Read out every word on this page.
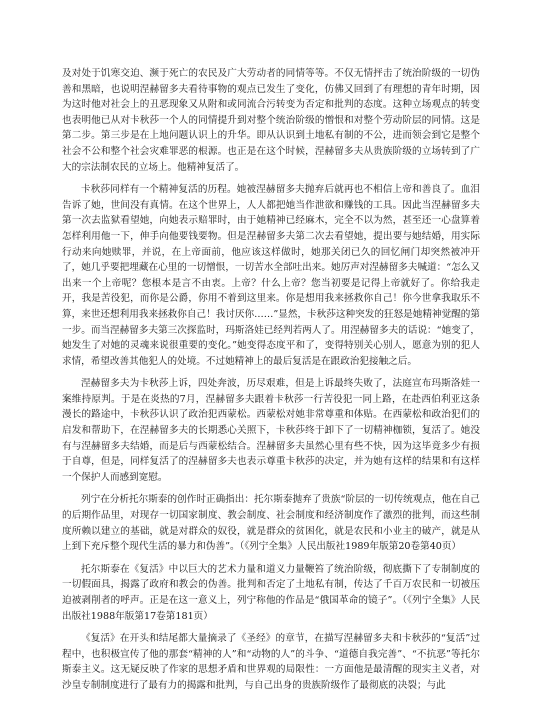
及对处于饥寒交迫、濒于死亡的农民及广大劳动者的同情等等。不仅无情抨击了统治阶级的一切伪善和黑暗，也说明涅赫留多夫看待事物的观点已发生了变化，仿佛又回到了有理想的青年时期，因为这时他对社会上的丑恶现象又从附和或同流合污转变为否定和批判的态度。这种立场观点的转变也表明他已从对卡秋莎一个人的同情提升到对整个统治阶级的憎恨和对整个劳动阶层的同情。这是第二步。第三步是在上地问题认识上的升华。即从认识到土地私有制的不公，进而领会到它是整个社会不公和整个社会灾难罪恶的根源。也正是在这个时候，涅赫留多夫从贵族阶级的立场转到了广大的宗法制农民的立场上。他精神复活了。

卡秋莎同样有一个精神复活的历程。她被涅赫留多夫抛弃后就再也不相信上帝和善良了。血泪告诉了她，世间没有真情。在这个世界上，人人都把她当作泄欲和赚钱的工具。因此当涅赫留多夫第一次去监狱看望她，向她表示赔罪时，由于她精神已经麻木，完全不以为然，甚至还一心盘算着怎样利用他一下，伸手向他要钱要物。但是涅赫留多夫第二次去看望她，提出要与她结婚，用实际行动来向她赎罪，并说，在上帝面前，他应该这样做时，她那关闭已久的回忆闸门却突然被冲开了，她几乎要把埋藏在心里的一切憎恨，一切苦水全部吐出来。她厉声对涅赫留多夫喊道：“怎么又出来一个上帝呢？您根本是言不由衷。上帝？什么上帝？您当初要是记得上帝就好了。你给我走开，我是苦役犯，而你是公爵，你用不着到这里来。你是想用我来拯救你自己！你今世拿我取乐不算，来世还想利用我来拯救你自己！我讨厌你……”显然，卡秋莎这种突发的狂怒是她精神觉醒的第一步。而当涅赫留多夫第三次探监时，玛斯洛娃已经判若两人了。用涅赫留多夫的话说：“她变了，她发生了对她的灵魂来说很重要的变化。”她变得态度平和了，变得特别关心别人，愿意为别的犯人求情，希望改善其他犯人的处境。不过她精神上的最后复活是在跟政治犯接触之后。

涅赫留多夫为卡秋莎上诉，四处奔波，历尽艰难，但是上诉最终失败了，法庭宣布玛斯洛娃一案维持原判。于是在炎热的7月，涅赫留多夫跟着卡秋莎一行苦役犯一同上路，在赴西伯利亚这条漫长的路途中，卡秋莎认识了政治犯西蒙松。西蒙松对她非常尊重和体贴。在西蒙松和政治犯们的启发和帮助下，在涅赫留多夫的长期悉心关照下，卡秋莎终于卸下了一切精神枷锁，复活了。她没有与涅赫留多夫结婚，而是后与西蒙松结合。涅赫留多夫虽然心里有些不快，因为这毕竟多少有损于自尊，但是，同样复活了的涅赫留多夫也表示尊重卡秋莎的决定，并为她有这样的结果和有这样一个保护人而感到宽慰。

列宁在分析托尔斯泰的创作时正确指出：托尔斯泰抛弃了贵族“阶层的一切传统观点，他在自己的后期作品里，对现存一切国家制度、教会制度、社会制度和经济制度作了激烈的批判，而这些制度所赖以建立的基础，就是对群众的奴役，就是群众的贫困化，就是农民和小业主的破产，就是从上到下充斥整个现代生活的暴力和伪善”。（《列宁全集》人民出版社1989年版第20卷第40页）

托尔斯泰在《复活》中以巨大的艺术力量和道义力量鞭笞了统治阶级，彻底撕下了专制制度的一切假面具，揭露了政府和教会的伪善。批判和否定了土地私有制，传达了千百万农民和一切被压迫被剥削者的呼声。正是在这一意义上，列宁称他的作品是“俄国革命的镜子”。（《列宁全集》人民出版社1988年版第17卷第181页）

《复活》在开头和结尾都大量摘录了《圣经》的章节，在描写涅赫留多夫和卡秋莎的“复活”过程中，也积极宣传了他的那套“精神的人”和“动物的人”的斗争、“道德自我完善”、“不抗恶”等托尔斯泰主义。这无疑反映了作家的思想矛盾和世界观的局限性：一方面他是最清醒的现实主义者，对沙皇专制制度进行了最有力的揭露和批判，与自己出身的贵族阶级作了最彻底的决裂；与此
